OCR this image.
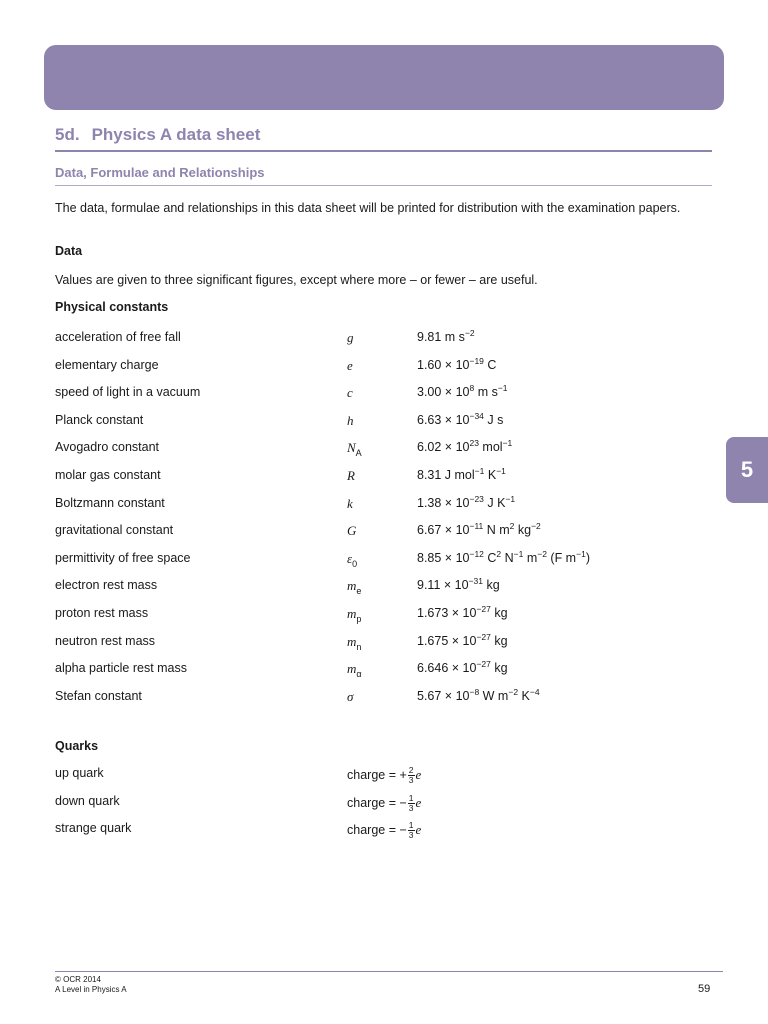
5d. Physics A data sheet
Data, Formulae and Relationships

The data, formulae and relationships in this data sheet will be printed for distribution with the examination papers.

Data

Values are given to three significant figures, except where more – or fewer – are useful.

Physical constants

acceleration of free fall	g	9.81 m $s^{-2}$
elementary charge	e	$1.60 \times 10^{-19}$ C
speed of light in a vacuum	c	$3.00 \times 10^8$ m $s^{-1}$
Planck constant	h	$6.63 \times 10^{-34}$ J s
Avogadro constant	$N_A$	$6.02 \times 10^{23}$ mol$^{-1}$
molar gas constant	R	8.31 J mol$^{-1}$ $K^{-1}$
Boltzmann constant	k	$1.38 \times 10^{-23}$ J $K^{-1}$
gravitational constant	G	$6.67 \times 10^{-11}$ N $m^2$ $kg^{-2}$
permittivity of free space	$\varepsilon_0$	$8.85 \times 10^{-12}$ $C^2$ $N^{-1}$ $m^{-2}$ (F $m^{-1}$)
electron rest mass	$m_e$	$9.11 \times 10^{-31}$ kg
proton rest mass	$m_p$	$1.673 \times 10^{-27}$ kg
neutron rest mass	$m_n$	$1.675 \times 10^{-27}$ kg
alpha particle rest mass	$m_\alpha$	$6.646 \times 10^{-27}$ kg
Stefan constant	σ	$5.67 \times 10^{-8}$ W $m^{-2}$ $K^{-4}$

Quarks

up quark	charge = + $\frac{2}{3}$ e
down quark	charge = − $\frac{1}{3}$ e
strange quark	charge = − $\frac{1}{3}$ e
5
© OCR 2014
A Level in Physics A	59
